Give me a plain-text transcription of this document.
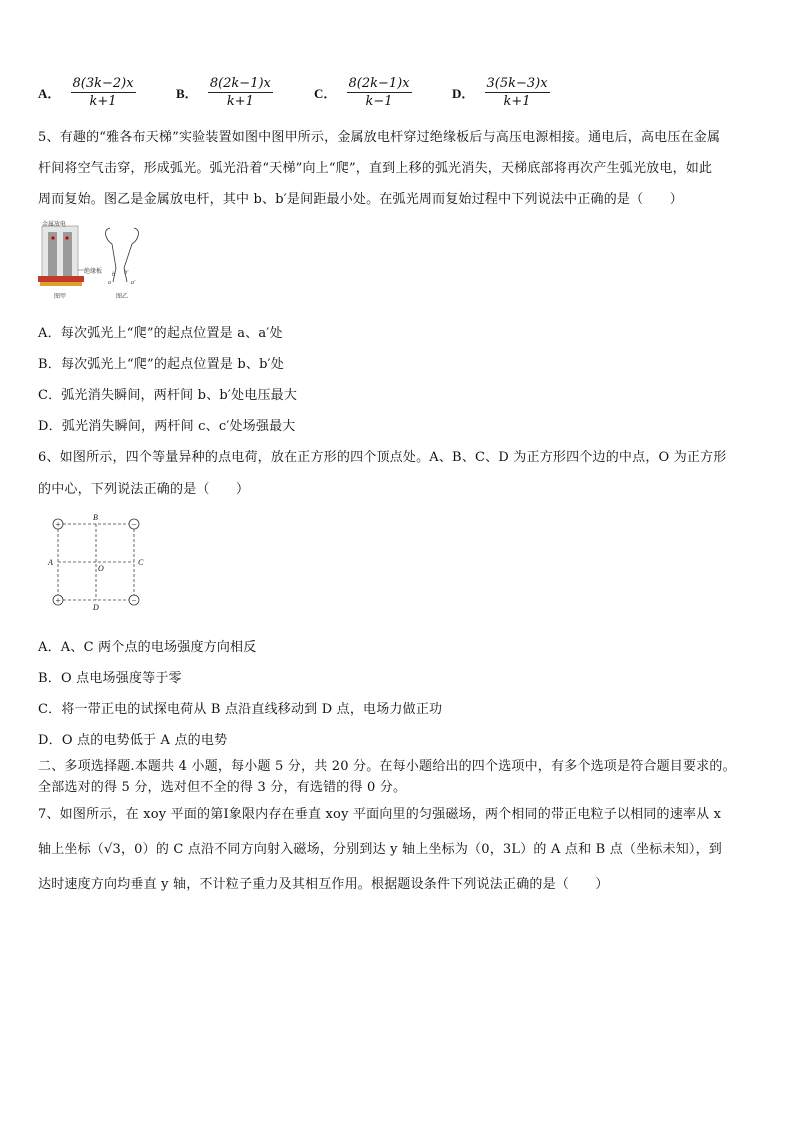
A． $\frac{8(3k-2)x}{k+1}$	B． $\frac{8(2k-1)x}{k+1}$	C． $\frac{8(2k-1)x}{k-1}$	D． $\frac{3(5k-3)x}{k+1}$
5、有趣的“雅各布天梯”实验装置如图中图甲所示，金属放电杆穿过绝缘板后与高压电源相接。通电后，高电压在金属
杆间将空气击穿，形成弧光。弧光沿着“天梯”向上“爬”，直到上移的弧光消失，天梯底部将再次产生弧光放电，如此
周而复始。图乙是金属放电杆，其中 b、b′是间距最小处。在弧光周而复始过程中下列说法中正确的是（　　）
金属放电
绝缘板
图甲
b b′
a	a′
图乙
A．每次弧光上“爬”的起点位置是 a、a′处
B．每次弧光上“爬”的起点位置是 b、b′处
C．弧光消失瞬间，两杆间 b、b′处电压最大
D．弧光消失瞬间，两杆间 c、c′处场强最大
6、如图所示，四个等量异种的点电荷，放在正方形的四个顶点处。A、B、C、D 为正方形四个边的中点，O 为正方形
的中心，下列说法正确的是（　　）
+	−
+	−
B
A	C
D
O
A．A、C 两个点的电场强度方向相反
B．O 点电场强度等于零
C．将一带正电的试探电荷从 B 点沿直线移动到 D 点，电场力做正功
D．O 点的电势低于 A 点的电势
二、多项选择题.本题共 4 小题，每小题 5 分，共 20 分。在每小题给出的四个选项中，有多个选项是符合题目要求的。
全部选对的得 5 分，选对但不全的得 3 分，有选错的得 0 分。
7、如图所示，在 xoy 平面的第Ⅰ象限内存在垂直 xoy 平面向里的匀强磁场，两个相同的带正电粒子以相同的速率从 x
轴上坐标（√3，0）的 C 点沿不同方向射入磁场，分别到达 y 轴上坐标为（0，3L）的 A 点和 B 点（坐标未知），到
达时速度方向均垂直 y 轴，不计粒子重力及其相互作用。根据题设条件下列说法正确的是（　　）
